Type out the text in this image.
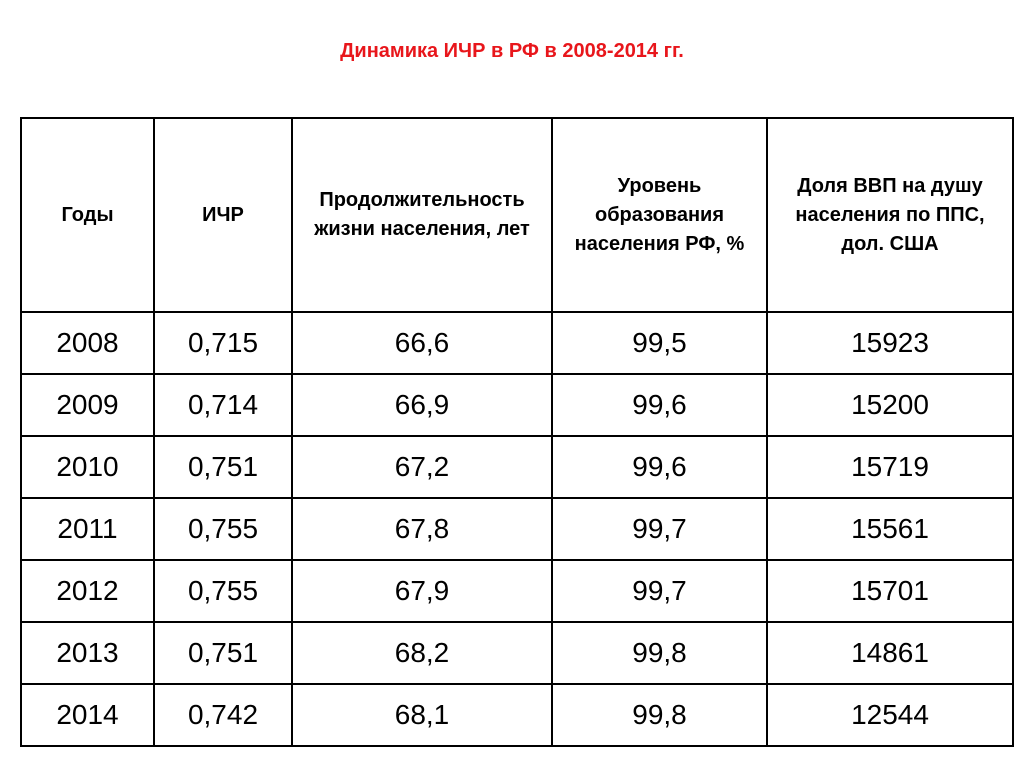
Динамика ИЧР в РФ в 2008-2014 гг.
Годы	ИЧР	Продолжительность жизни населения, лет	Уровень образования населения РФ, %	Доля ВВП на душу населения по ППС, дол. США
2008	0,715	66,6	99,5	15923
2009	0,714	66,9	99,6	15200
2010	0,751	67,2	99,6	15719
2011	0,755	67,8	99,7	15561
2012	0,755	67,9	99,7	15701
2013	0,751	68,2	99,8	14861
2014	0,742	68,1	99,8	12544
